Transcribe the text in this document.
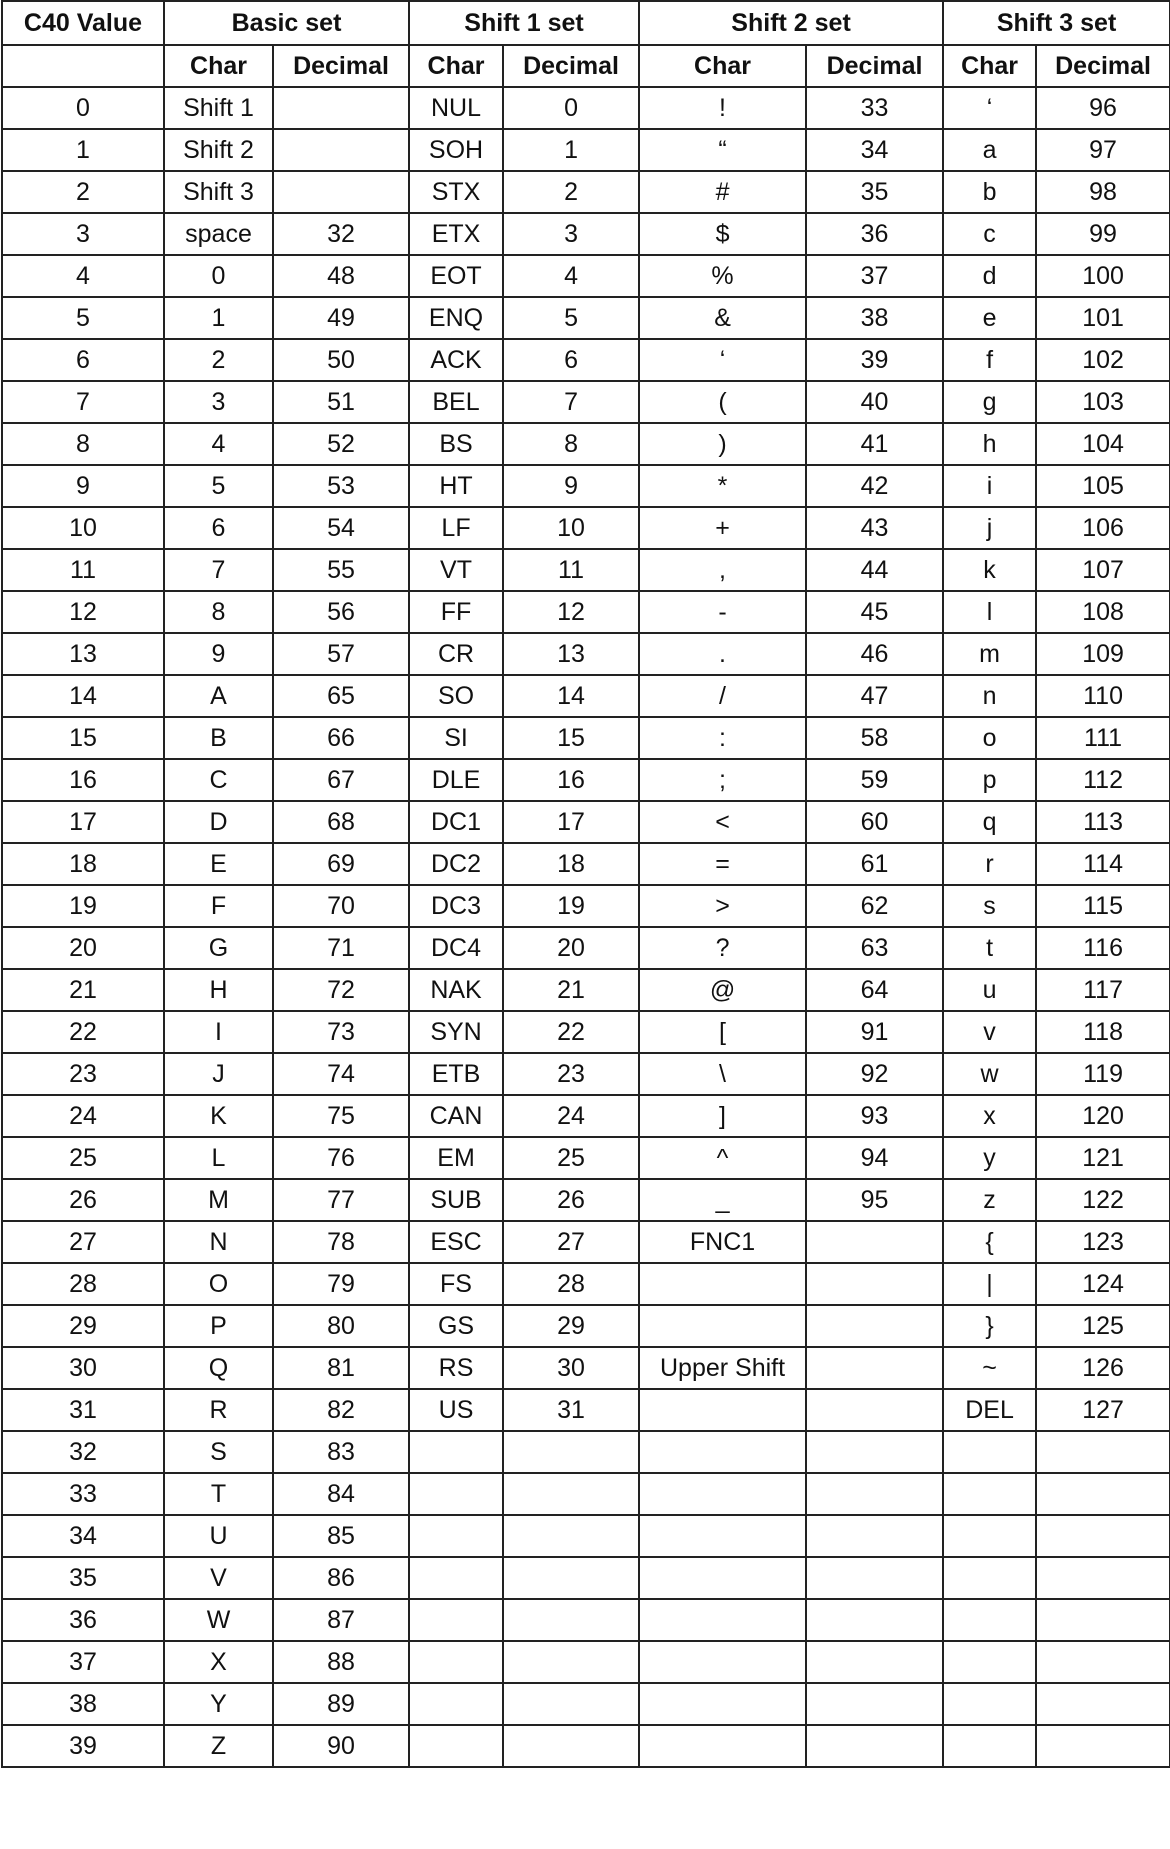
C40 Value	Basic set		Shift 1 set		Shift 2 set		Shift 3 set	
	Char	Decimal	Char	Decimal	Char	Decimal	Char	Decimal
0	Shift 1		NUL	0	!	33	‘	96
1	Shift 2		SOH	1	“	34	a	97
2	Shift 3		STX	2	#	35	b	98
3	space	32	ETX	3	$	36	c	99
4	0	48	EOT	4	%	37	d	100
5	1	49	ENQ	5	&	38	e	101
6	2	50	ACK	6	‘	39	f	102
7	3	51	BEL	7	(	40	g	103
8	4	52	BS	8	)	41	h	104
9	5	53	HT	9	*	42	i	105
10	6	54	LF	10	+	43	j	106
11	7	55	VT	11	,	44	k	107
12	8	56	FF	12	-	45	l	108
13	9	57	CR	13	.	46	m	109
14	A	65	SO	14	/	47	n	110
15	B	66	SI	15	:	58	o	111
16	C	67	DLE	16	;	59	p	112
17	D	68	DC1	17	<	60	q	113
18	E	69	DC2	18	=	61	r	114
19	F	70	DC3	19	>	62	s	115
20	G	71	DC4	20	?	63	t	116
21	H	72	NAK	21	@	64	u	117
22	I	73	SYN	22	[	91	v	118
23	J	74	ETB	23	\	92	w	119
24	K	75	CAN	24	]	93	x	120
25	L	76	EM	25	^	94	y	121
26	M	77	SUB	26	_	95	z	122
27	N	78	ESC	27	FNC1		{	123
28	O	79	FS	28			|	124
29	P	80	GS	29			}	125
30	Q	81	RS	30	Upper Shift		~	126
31	R	82	US	31			DEL	127
32	S	83						
33	T	84						
34	U	85						
35	V	86						
36	W	87						
37	X	88						
38	Y	89						
39	Z	90						
